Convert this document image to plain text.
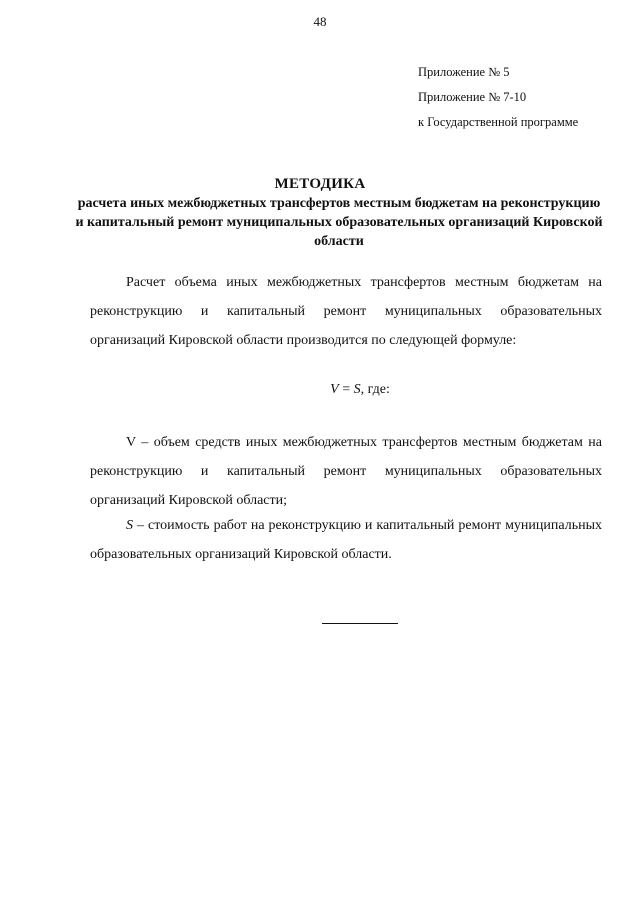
48
Приложение № 5
Приложение № 7-10
к Государственной программе
МЕТОДИКА
расчета иных межбюджетных трансфертов местным бюджетам на реконструкцию и капитальный ремонт муниципальных образовательных организаций Кировской области
Расчет объема иных межбюджетных трансфертов местным бюджетам на реконструкцию и капитальный ремонт муниципальных образовательных организаций Кировской области производится по следующей формуле:
V = S, где:
V – объем средств иных межбюджетных трансфертов местным бюджетам на реконструкцию и капитальный ремонт муниципальных образовательных организаций Кировской области;
S – стоимость работ на реконструкцию и капитальный ремонт муниципальных образовательных организаций Кировской области.
